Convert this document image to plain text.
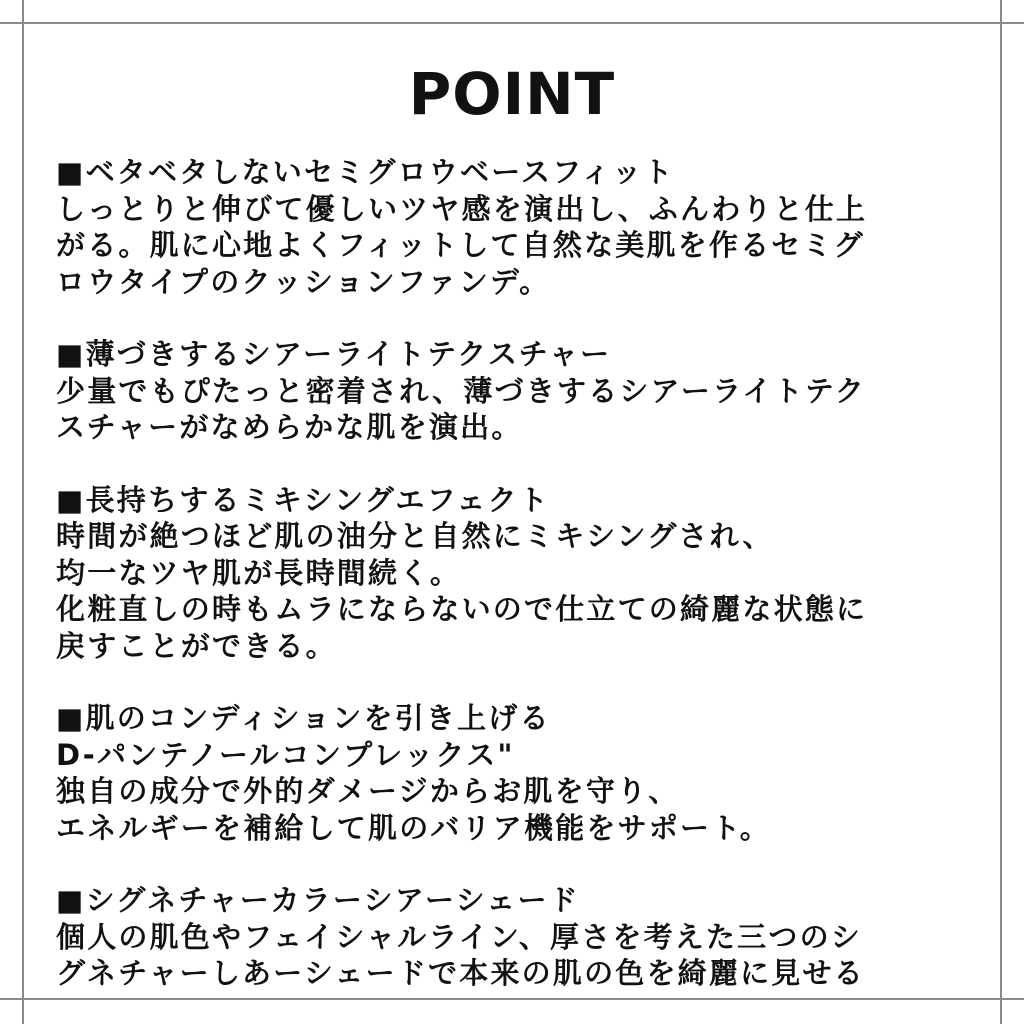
POINT
■ベタベタしないセミグロウベースフィット
しっとりと伸びて優しいツヤ感を演出し、ふんわりと仕上
がる。肌に心地よくフィットして自然な美肌を作るセミグ
ロウタイプのクッションファンデ。
■薄づきするシアーライトテクスチャー
少量でもぴたっと密着され、薄づきするシアーライトテク
スチャーがなめらかな肌を演出。
■長持ちするミキシングエフェクト
時間が絶つほど肌の油分と自然にミキシングされ、
均一なツヤ肌が長時間続く。
化粧直しの時もムラにならないので仕立ての綺麗な状態に
戻すことができる。
■肌のコンディションを引き上げる
D-パンテノールコンプレックス"
独自の成分で外的ダメージからお肌を守り、
エネルギーを補給して肌のバリア機能をサポート。
■シグネチャーカラーシアーシェード
個人の肌色やフェイシャルライン、厚さを考えた三つのシ
グネチャーしあーシェードで本来の肌の色を綺麗に見せる
